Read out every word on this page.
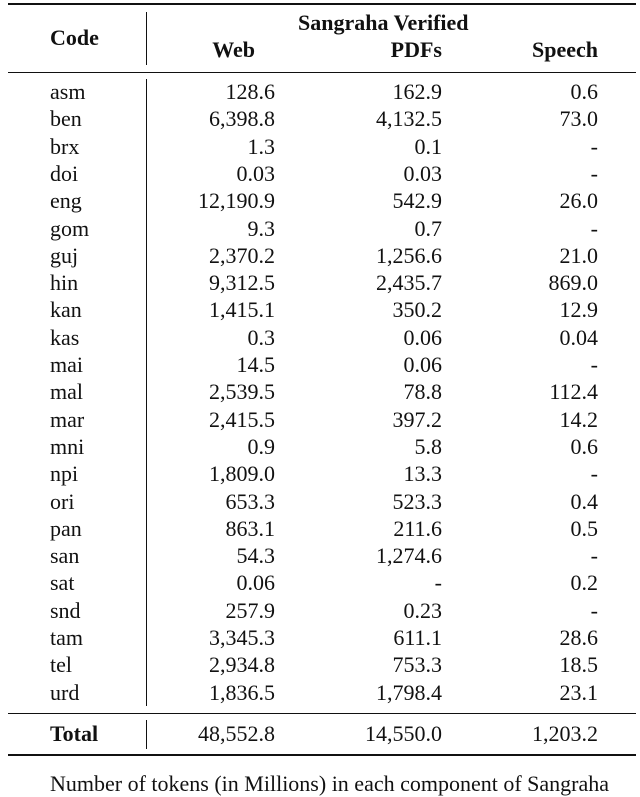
Code
Sangraha Verified
Web	PDFs	Speech
asm	128.6	162.9	0.6
ben	6,398.8	4,132.5	73.0
brx	1.3	0.1	-
doi	0.03	0.03	-
eng	12,190.9	542.9	26.0
gom	9.3	0.7	-
guj	2,370.2	1,256.6	21.0
hin	9,312.5	2,435.7	869.0
kan	1,415.1	350.2	12.9
kas	0.3	0.06	0.04
mai	14.5	0.06	-
mal	2,539.5	78.8	112.4
mar	2,415.5	397.2	14.2
mni	0.9	5.8	0.6
npi	1,809.0	13.3	-
ori	653.3	523.3	0.4
pan	863.1	211.6	0.5
san	54.3	1,274.6	-
sat	0.06	-	0.2
snd	257.9	0.23	-
tam	3,345.3	611.1	28.6
tel	2,934.8	753.3	18.5
urd	1,836.5	1,798.4	23.1
Total	48,552.8	14,550.0	1,203.2
Number of tokens (in Millions) in each component of Sangraha
